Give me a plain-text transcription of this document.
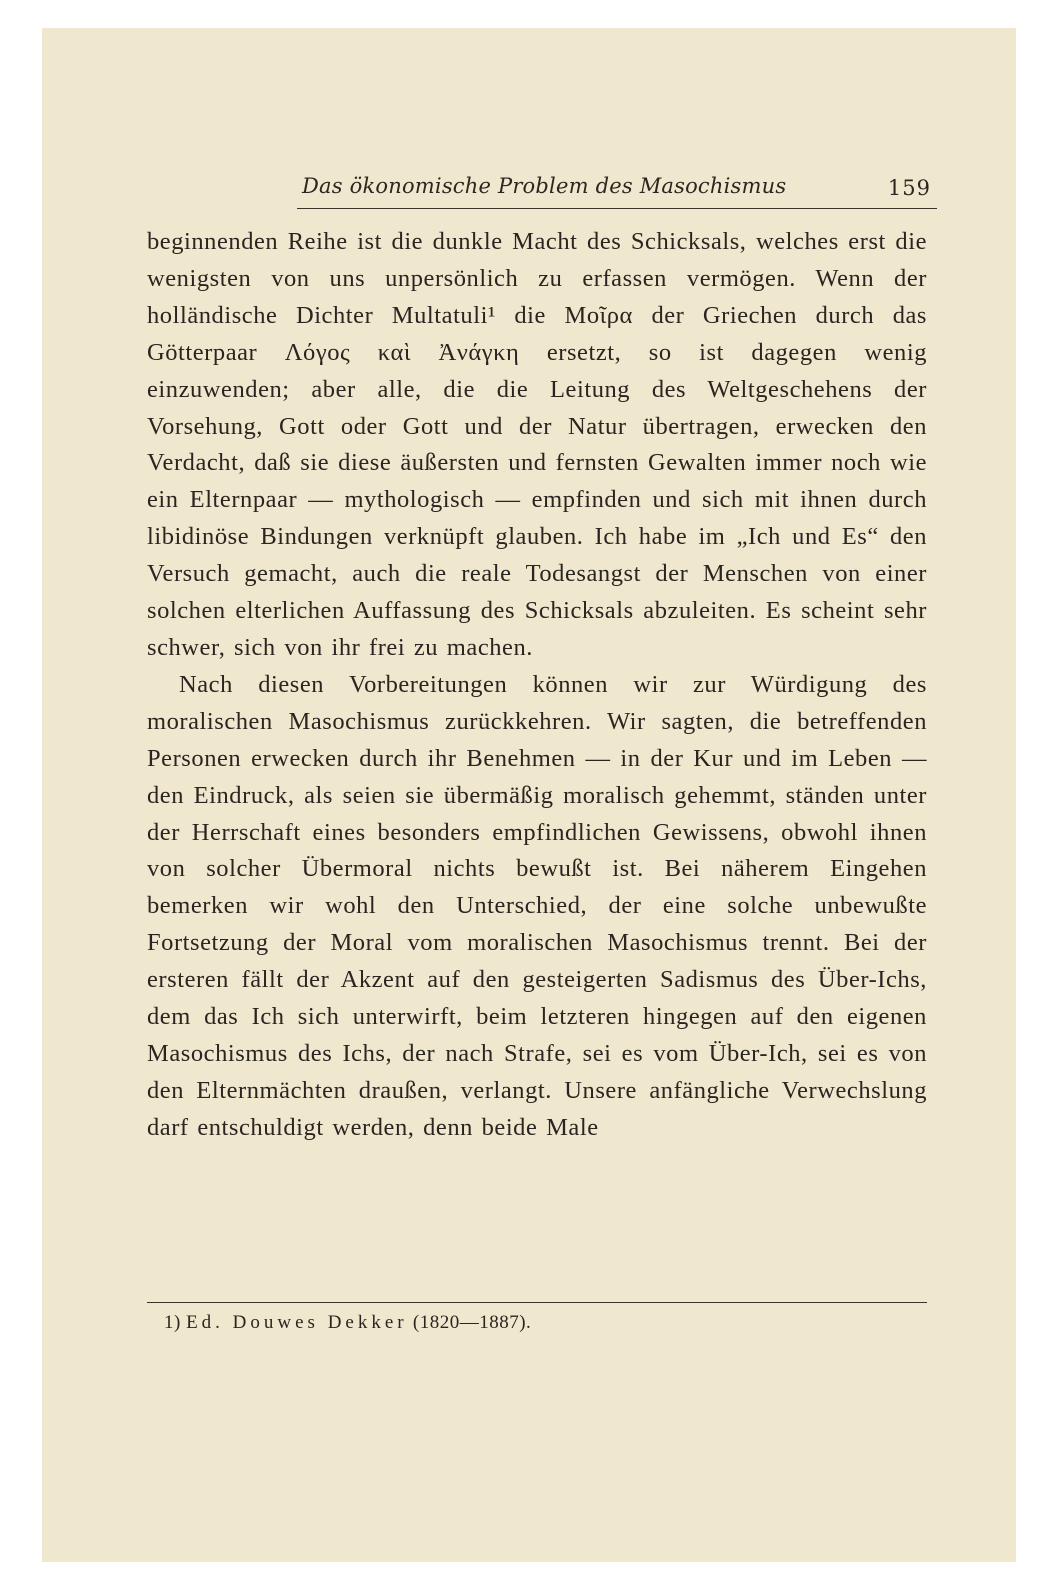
Das ökonomische Problem des Masochismus	159

beginnenden Reihe ist die dunkle Macht des Schicksals, welches erst die wenigsten von uns unpersönlich zu erfassen vermögen. Wenn der holländische Dichter Multatuli¹ die Μοῖρα der Griechen durch das Götterpaar Λόγος καὶ Ἀνάγκη ersetzt, so ist dagegen wenig einzuwenden; aber alle, die die Leitung des Weltgeschehens der Vorsehung, Gott oder Gott und der Natur übertragen, erwecken den Verdacht, daß sie diese äußersten und fernsten Gewalten immer noch wie ein Elternpaar — mythologisch — empfinden und sich mit ihnen durch libidinöse Bindungen verknüpft glauben. Ich habe im „Ich und Es“ den Versuch gemacht, auch die reale Todesangst der Menschen von einer solchen elterlichen Auffassung des Schicksals abzuleiten. Es scheint sehr schwer, sich von ihr frei zu machen.

Nach diesen Vorbereitungen können wir zur Würdigung des moralischen Masochismus zurückkehren. Wir sagten, die betreffenden Personen erwecken durch ihr Benehmen — in der Kur und im Leben — den Eindruck, als seien sie übermäßig moralisch gehemmt, ständen unter der Herrschaft eines besonders empfindlichen Gewissens, obwohl ihnen von solcher Übermoral nichts bewußt ist. Bei näherem Eingehen bemerken wir wohl den Unterschied, der eine solche unbewußte Fortsetzung der Moral vom moralischen Masochismus trennt. Bei der ersteren fällt der Akzent auf den gesteigerten Sadismus des Über-Ichs, dem das Ich sich unterwirft, beim letzteren hingegen auf den eigenen Masochismus des Ichs, der nach Strafe, sei es vom Über-Ich, sei es von den Elternmächten draußen, verlangt. Unsere anfängliche Verwechslung darf entschuldigt werden, denn beide Male

1) Ed. Douwes Dekker (1820—1887).
